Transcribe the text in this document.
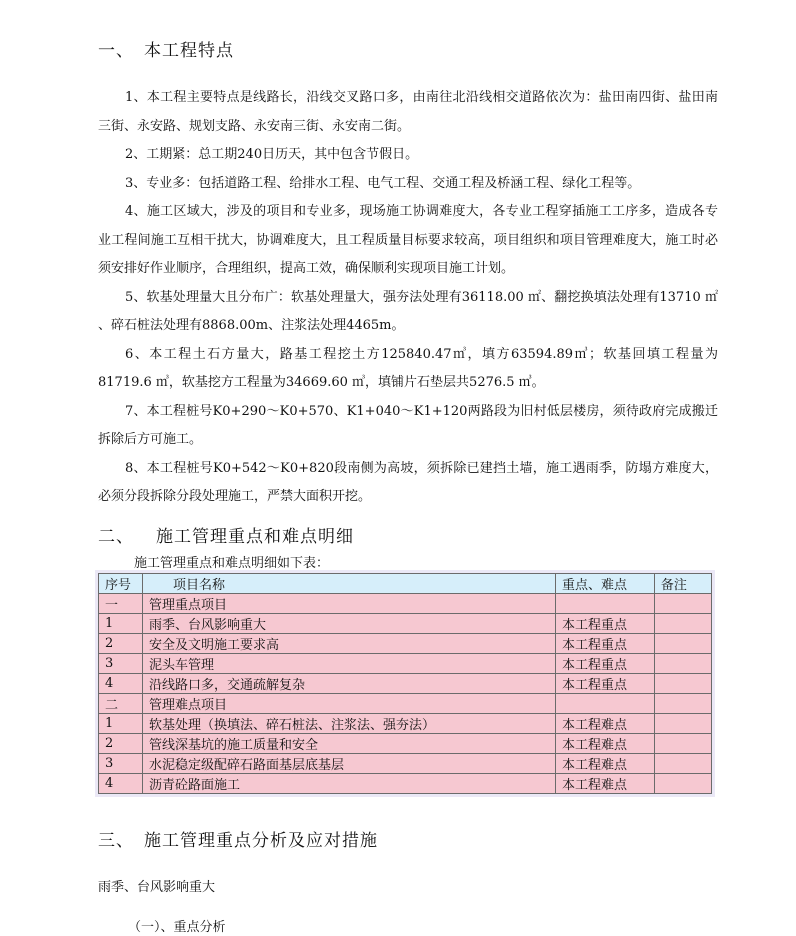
一、 本工程特点

1、本工程主要特点是线路长，沿线交叉路口多，由南往北沿线相交道路依次为：盐田南四街、盐田南三街、永安路、规划支路、永安南三街、永安南二街。

2、工期紧：总工期240日历天，其中包含节假日。

3、专业多：包括道路工程、给排水工程、电气工程、交通工程及桥涵工程、绿化工程等。

4、施工区域大，涉及的项目和专业多，现场施工协调难度大，各专业工程穿插施工工序多，造成各专业工程间施工互相干扰大，协调难度大，且工程质量目标要求较高，项目组织和项目管理难度大，施工时必须安排好作业顺序，合理组织，提高工效，确保顺利实现项目施工计划。

5、软基处理量大且分布广：软基处理量大，强夯法处理有36118.00 ㎡、翻挖换填法处理有13710 ㎡ 、碎石桩法处理有8868.00m、注浆法处理4465m。

6、本工程土石方量大，路基工程挖土方125840.47㎥，填方63594.89㎥；软基回填工程量为81719.6 ㎥，软基挖方工程量为34669.60 ㎥，填铺片石垫层共5276.5 ㎥。

7、本工程桩号K0+290～K0+570、K1+040～K1+120两路段为旧村低层楼房，须待政府完成搬迁拆除后方可施工。

8、本工程桩号K0+542～K0+820段南侧为高坡，须拆除已建挡土墙，施工遇雨季，防塌方难度大，必须分段拆除分段处理施工，严禁大面积开挖。

二、 施工管理重点和难点明细
施工管理重点和难点明细如下表：
序号	项目名称	重点、难点	备注
一	管理重点项目		
1	雨季、台风影响重大	本工程重点	
2	安全及文明施工要求高	本工程重点	
3	泥头车管理	本工程重点	
4	沿线路口多，交通疏解复杂	本工程重点	
二	管理难点项目		
1	软基处理（换填法、碎石桩法、注浆法、强夯法）	本工程难点	
2	管线深基坑的施工质量和安全	本工程难点	
3	水泥稳定级配碎石路面基层底基层	本工程难点	
4	沥青砼路面施工	本工程难点	
三、 施工管理重点分析及应对措施
雨季、台风影响重大
（一）、重点分析
